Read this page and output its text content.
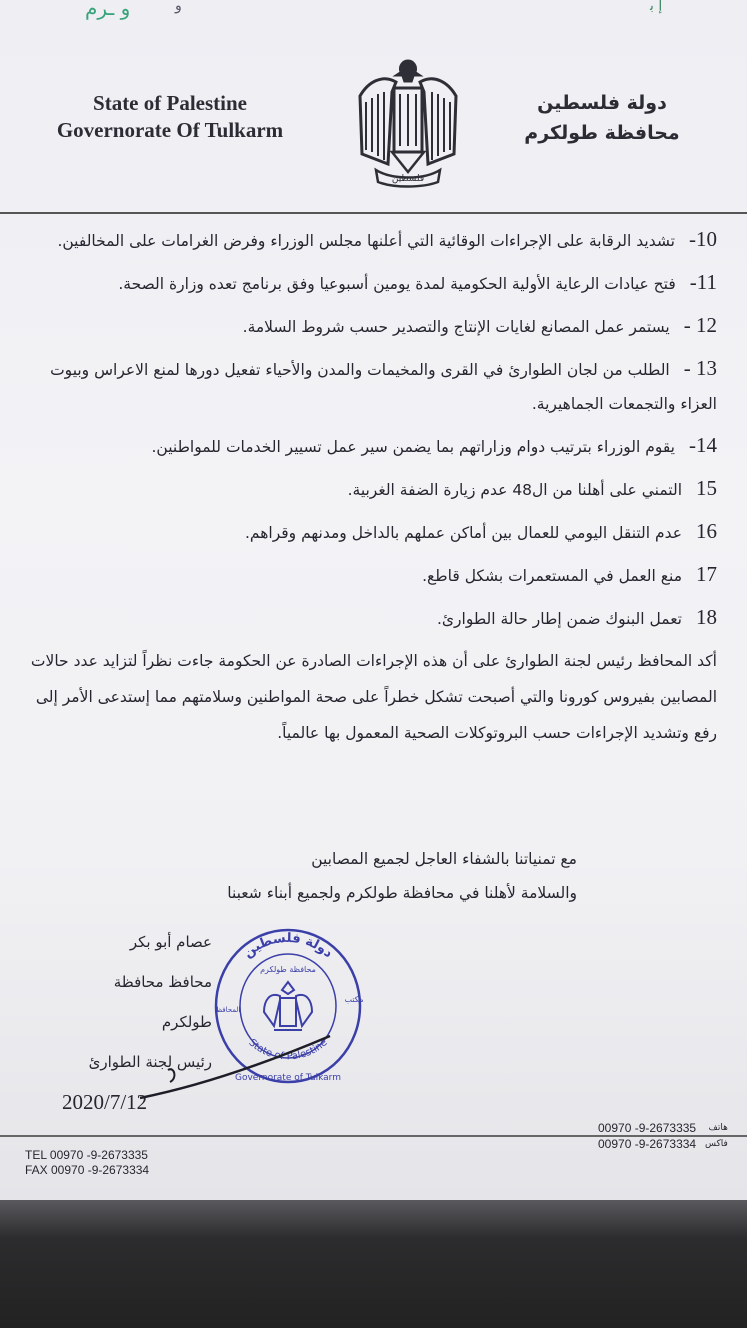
ﻭ ـﺮﻡ	و	ﺇ ﺑ
State of Palestine
Governorate Of Tulkarm
فلسطين
دولة فلسطين
محافظة طولكرم
10-تشديد الرقابة على الإجراءات الوقائية التي أعلنها مجلس الوزراء وفرض الغرامات على المخالفين.
11-فتح عيادات الرعاية الأولية الحكومية لمدة يومين أسبوعيا وفق برنامج تعده وزارة الصحة.
12 -يستمر عمل المصانع لغايات الإنتاج والتصدير حسب شروط السلامة.
13 -الطلب من لجان الطوارئ في القرى والمخيمات والمدن والأحياء تفعيل دورها لمنع الاعراس وبيوت العزاء والتجمعات الجماهيرية.
14-يقوم الوزراء بترتيب دوام وزاراتهم بما يضمن سير عمل تسيير الخدمات للمواطنين.
15التمني على أهلنا من ال48 عدم زيارة الضفة الغربية.
16عدم التنقل اليومي للعمال بين أماكن عملهم بالداخل ومدنهم وقراهم.
17منع العمل في المستعمرات بشكل قاطع.
18تعمل البنوك ضمن إطار حالة الطوارئ.
أكد المحافظ رئيس لجنة الطوارئ على أن هذه الإجراءات الصادرة عن الحكومة جاءت نظراً لتزايد عدد حالات المصابين بفيروس كورونا والتي أصبحت تشكل خطراً على صحة المواطنين وسلامتهم مما إستدعى الأمر إلى رفع وتشديد الإجراءات حسب البروتوكلات الصحية المعمول بها عالمياً.
مع تمنياتنا بالشفاء العاجل لجميع المصابين
والسلامة لأهلنا في محافظة طولكرم ولجميع أبناء شعبنا
عصام أبو بكر
محافظ محافظة طولكرم
رئيس لجنة الطوارئ
2020/7/12
دولة فلسطين
محافظة طولكرم
State of Palestine
Governorate of Tulkarm
مكتب
المحافظ
TEL 00970 -9-2673335
FAX 00970 -9-2673334
00970 -9-2673335
00970 -9-2673334
هاتف
فاكس
